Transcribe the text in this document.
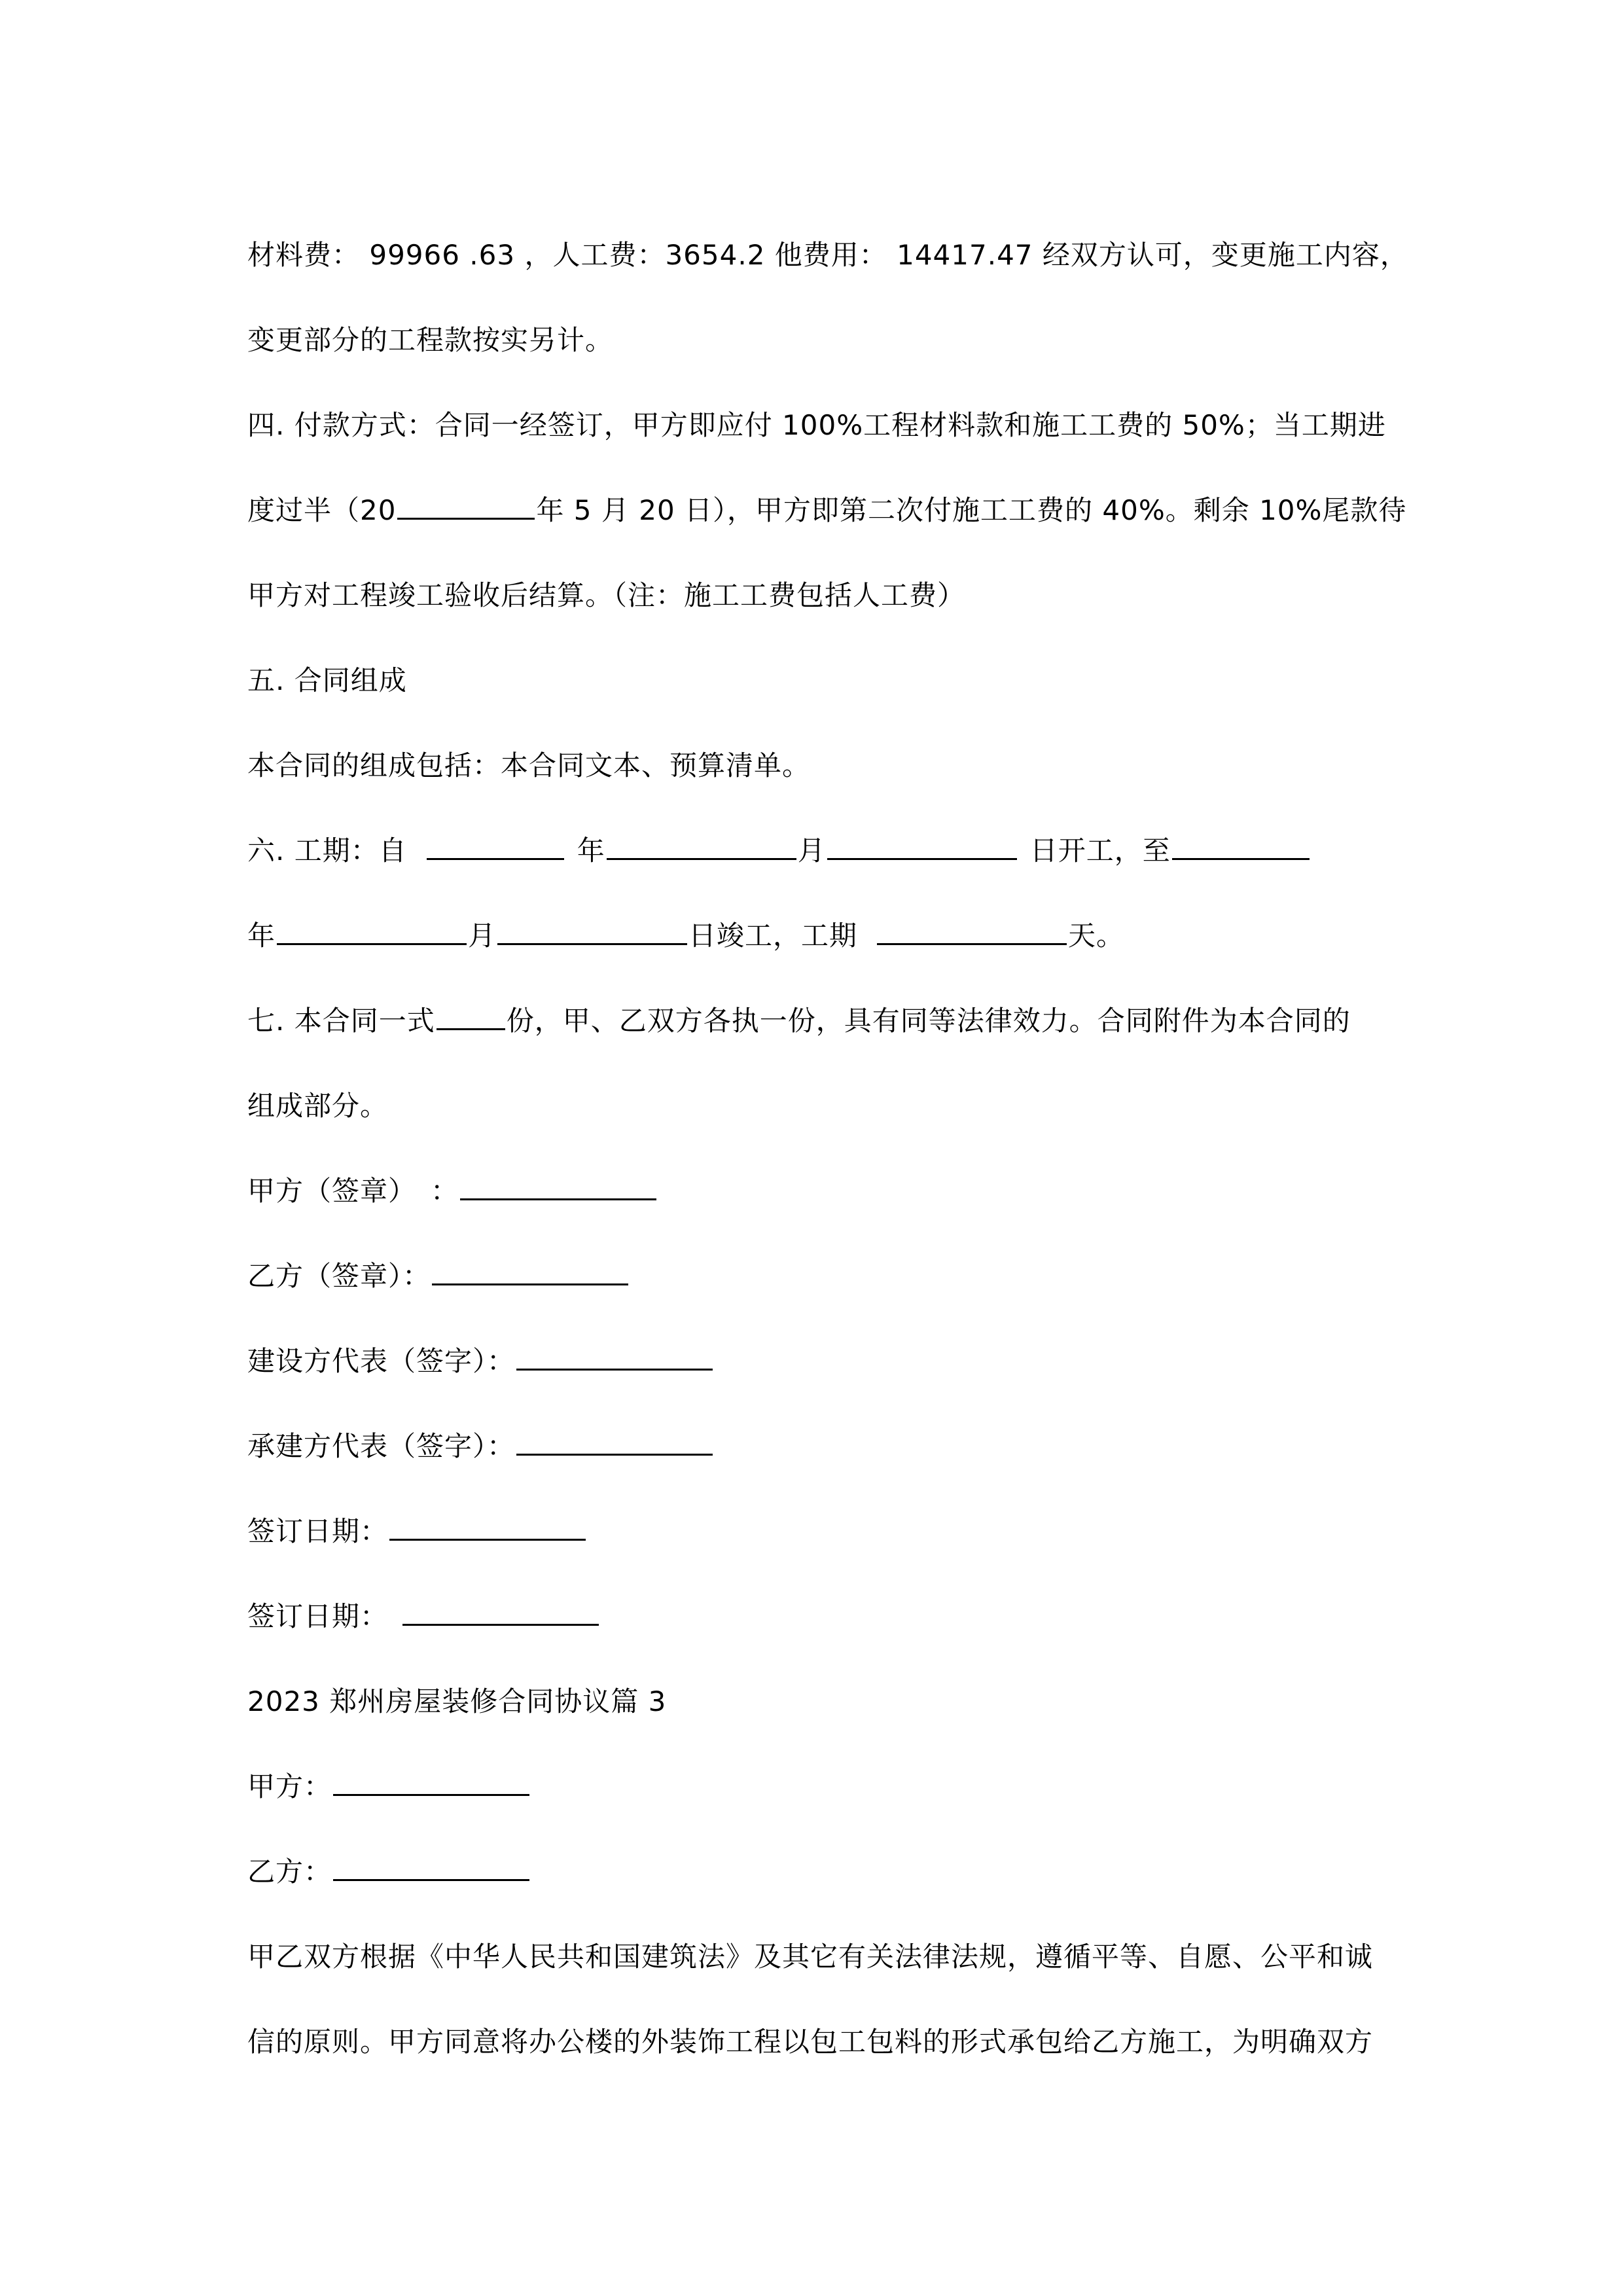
材料费： 99966 .63 ，人工费：3654.2 他费用： 14417.47 经双方认可，变更施工内容，
变更部分的工程款按实另计。
四. 付款方式：合同一经签订，甲方即应付 100%工程材料款和施工工费的 50%；当工期进
度过半（20	年 5 月 20 日），甲方即第二次付施工工费的 40%。剩余 10%尾款待
甲方对工程竣工验收后结算。（注：施工工费包括人工费）
五. 合同组成
本合同的组成包括：本合同文本、预算清单。
六. 工期：自	年	月	日开工，至
年	月	日竣工，工期	天。
七. 本合同一式	份，甲、乙双方各执一份，具有同等法律效力。合同附件为本合同的
组成部分。
甲方（签章）　：
乙方（签章）：
建设方代表（签字）：
承建方代表（签字）：
签订日期：
签订日期：
2023 郑州房屋装修合同协议篇 3
甲方：
乙方：
甲乙双方根据《中华人民共和国建筑法》及其它有关法律法规，遵循平等、自愿、公平和诚
信的原则。甲方同意将办公楼的外装饰工程以包工包料的形式承包给乙方施工，为明确双方
